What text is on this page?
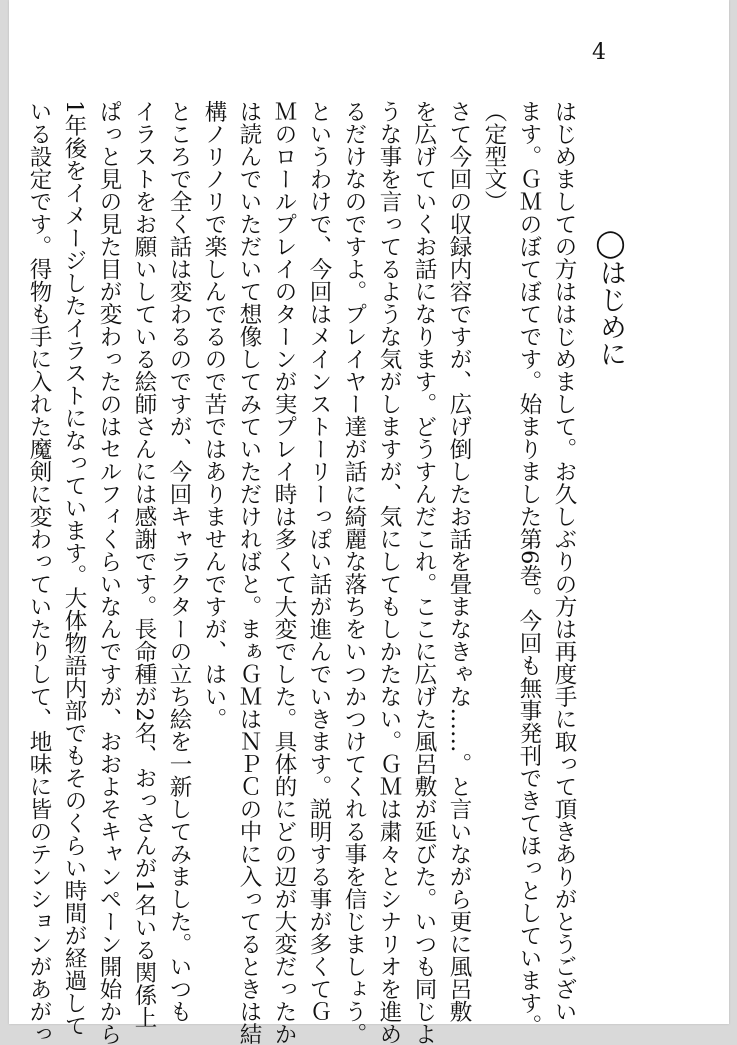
4
◯はじめに
はじめましての方ははじめまして。お久しぶりの方は再度手に取って頂きありがとうござい
ます。ＧＭのぼてぼてです。始まりました第6巻。今回も無事発刊できてほっとしています。
（定型文）
さて今回の収録内容ですが、広げ倒したお話を畳まなきゃな……。と言いながら更に風呂敷
を広げていくお話になります。どうすんだこれ。ここに広げた風呂敷が延びた。いつも同じよ
うな事を言ってるような気がしますが、気にしてもしかたない。ＧＭは粛々とシナリオを進め
るだけなのですよ。プレイヤー達が話に綺麗な落ちをいつかつけてくれる事を信じましょう。
というわけで、今回はメインストーリーっぽい話が進んでいきます。説明する事が多くてＧ
Ｍのロールプレイのターンが実プレイ時は多くて大変でした。具体的にどの辺が大変だったか
は読んでいただいて想像してみていただければと。まぁＧＭはＮＰＣの中に入ってるときは結
構ノリノリで楽しんでるので苦ではありませんですが、はい。
ところで全く話は変わるのですが、今回キャラクターの立ち絵を一新してみました。いつも
イラストをお願いしている絵師さんには感謝です。長命種が2名、おっさんが1名いる関係上
ぱっと見の見た目が変わったのはセルフィくらいなんですが、おおよそキャンペーン開始から
1年後をイメージしたイラストになっています。大体物語内部でもそのくらい時間が経過して
いる設定です。得物も手に入れた魔剣に変わっていたりして、地味に皆のテンションがあがっ
